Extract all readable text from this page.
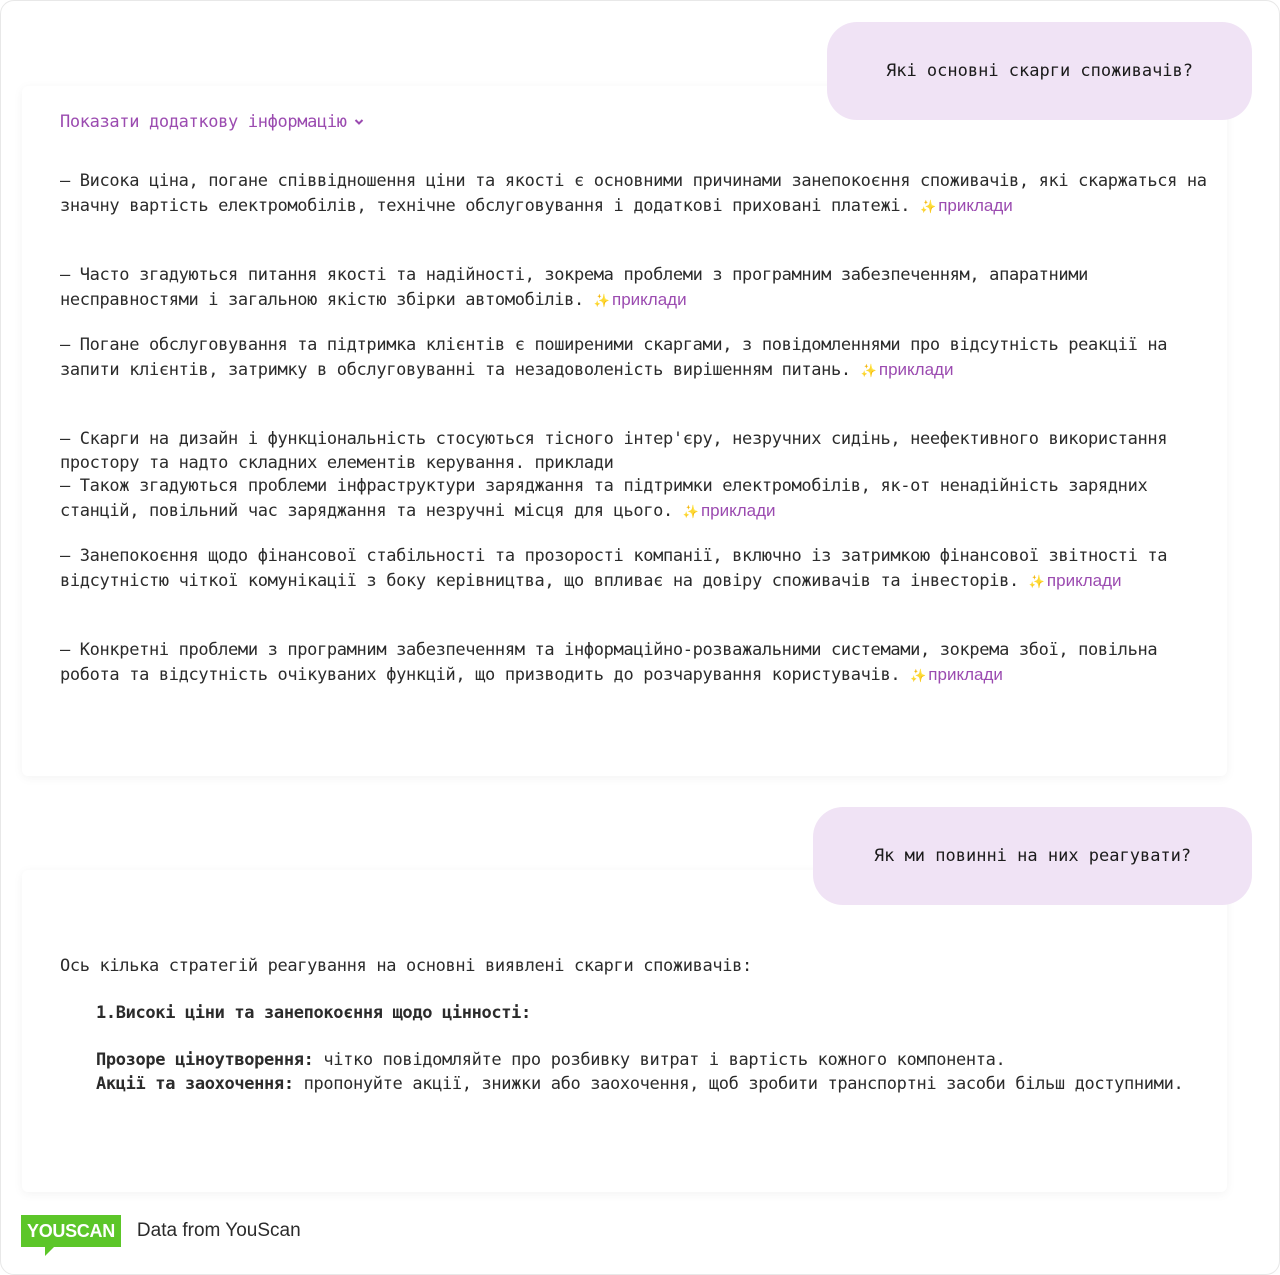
Які основні скарги споживачів?
Показати додаткову інформацію
– Висока ціна, погане співвідношення ціни та якості є основними причинами занепокоєння споживачів, які скаржаться на значну вартість електромобілів, технічне обслуговування і додаткові приховані платежі. ✨ приклади
– Часто згадуються питання якості та надійності, зокрема проблеми з програмним забезпеченням, апаратними несправностями і загальною якістю збірки автомобілів. ✨ приклади
– Погане обслуговування та підтримка клієнтів є поширеними скаргами, з повідомленнями про відсутність реакції на запити клієнтів, затримку в обслуговуванні та незадоволеність вирішенням питань. ✨ приклади
– Скарги на дизайн і функціональність стосуються тісного інтер'єру, незручних сидінь, неефективного використання простору та надто складних елементів керування. приклади
– Також згадуються проблеми інфраструктури заряджання та підтримки електромобілів, як-от ненадійність зарядних станцій, повільний час заряджання та незручні місця для цього. ✨ приклади
– Занепокоєння щодо фінансової стабільності та прозорості компанії, включно із затримкою фінансової звітності та відсутністю чіткої комунікації з боку керівництва, що впливає на довіру споживачів та інвесторів. ✨ приклади
– Конкретні проблеми з програмним забезпеченням та інформаційно-розважальними системами, зокрема збої, повільна робота та відсутність очікуваних функцій, що призводить до розчарування користувачів. ✨ приклади
Як ми повинні на них реагувати?
Ось кілька стратегій реагування на основні виявлені скарги споживачів:
1.Високі ціни та занепокоєння щодо цінності:
Прозоре ціноутворення: чітко повідомляйте про розбивку витрат і вартість кожного компонента.
Акції та заохочення: пропонуйте акції, знижки або заохочення, щоб зробити транспортні засоби більш доступними.
YOUSCAN	Data from YouScan
